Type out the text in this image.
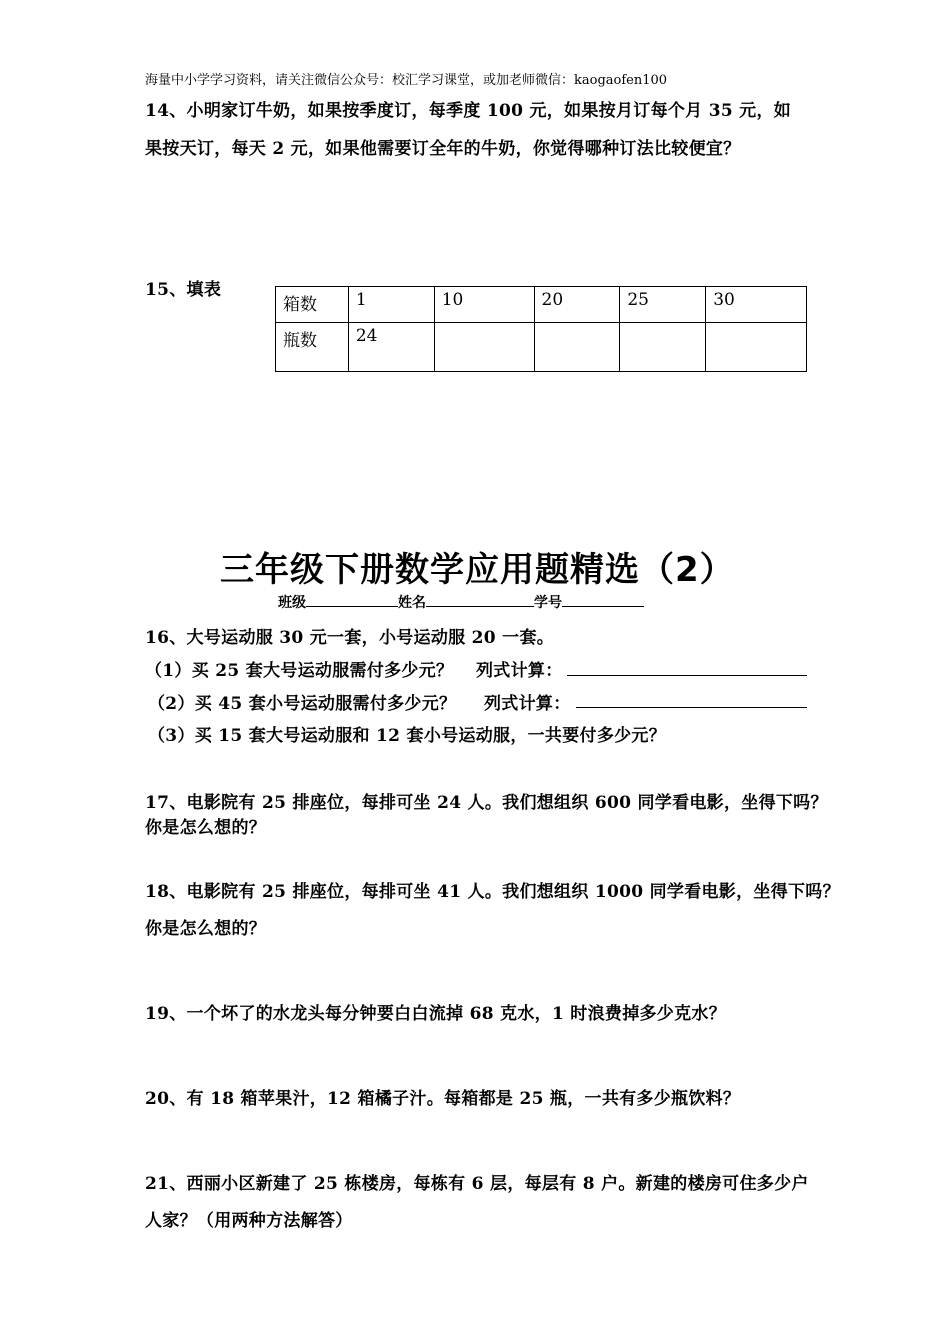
海量中小学学习资料，请关注微信公众号：校汇学习课堂，或加老师微信：kaogaofen100
14、小明家订牛奶，如果按季度订，每季度 100 元，如果按月订每个月 35 元，如
果按天订，每天 2 元，如果他需要订全年的牛奶，你觉得哪种订法比较便宜？
15、填表
箱数	1	10	20	25	30
瓶数	24				
三年级下册数学应用题精选（2）
班级	姓名	学号
16、大号运动服 30 元一套，小号运动服 20 一套。
（1）买 25 套大号运动服需付多少元？ 列式计算：
（2）买 45 套小号运动服需付多少元？ 列式计算：
（3）买 15 套大号运动服和 12 套小号运动服，一共要付多少元？
17、电影院有 25 排座位，每排可坐 24 人。我们想组织 600 同学看电影，坐得下吗？
你是怎么想的？
18、电影院有 25 排座位，每排可坐 41 人。我们想组织 1000 同学看电影，坐得下吗？
你是怎么想的？
19、一个坏了的水龙头每分钟要白白流掉 68 克水，1 时浪费掉多少克水？
20、有 18 箱苹果汁，12 箱橘子汁。每箱都是 25 瓶，一共有多少瓶饮料？
21、西丽小区新建了 25 栋楼房，每栋有 6 层，每层有 8 户。新建的楼房可住多少户
人家？（用两种方法解答）
